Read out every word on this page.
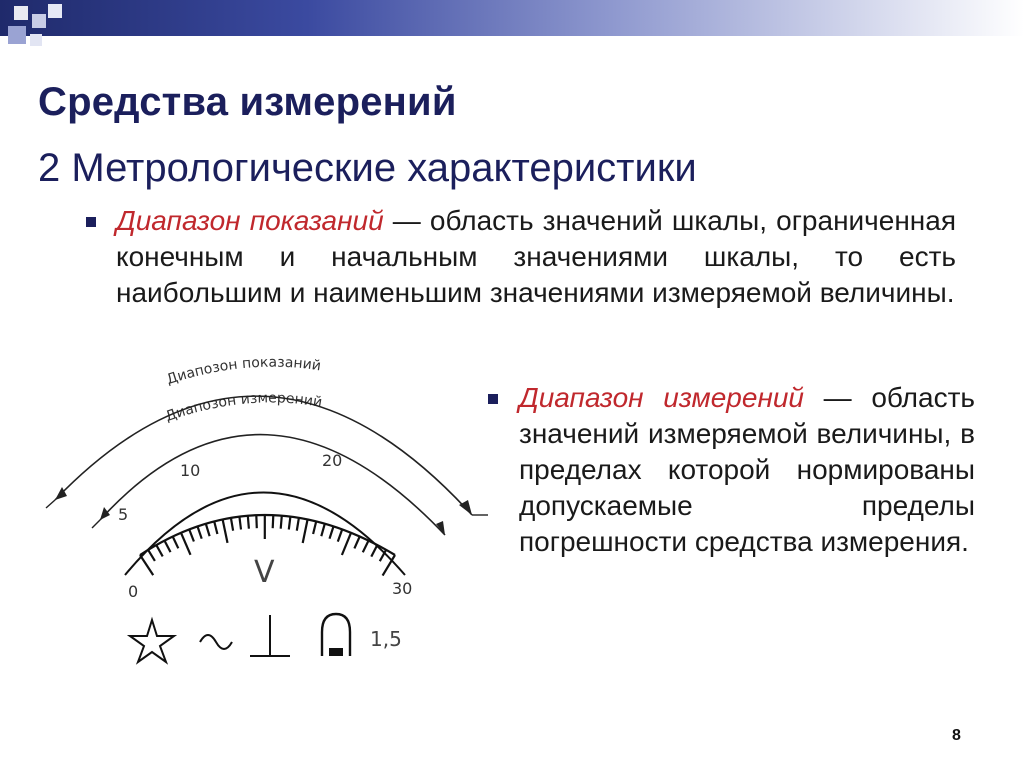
Средства измерений
2 Метрологические характеристики
Диапазон показаний — область значений шкалы, ограниченная конечным и начальным значениями шкалы, то есть наибольшим и наименьшим значениями измеряемой величины.
Диапазон измерений — область значений измеряемой величины, в пределах которой нормированы допускаемые пределы погрешности средства измерения.
Диапозон показаний
Диапозон измерений
0
5
10
20
30
V
1,5
8
